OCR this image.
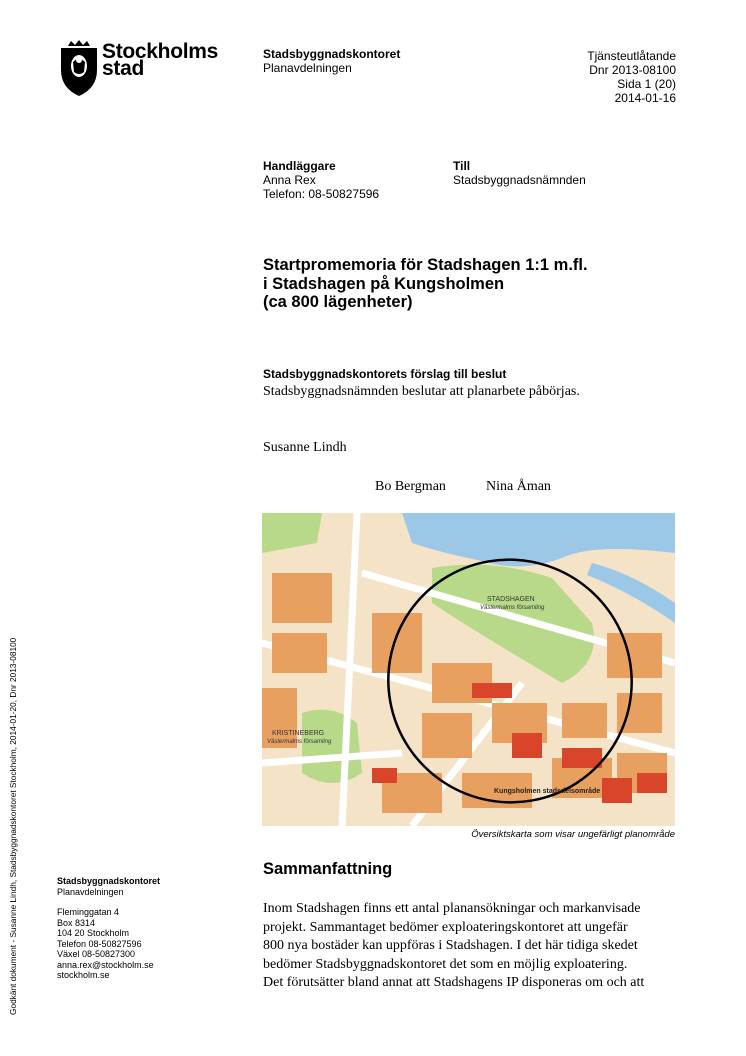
Stockholms
stad
Stadsbyggnadskontoret
Planavdelningen
Tjänsteutlåtande
Dnr 2013-08100
Sida 1 (20)
2014-01-16
Handläggare
Anna Rex
Telefon: 08-50827596
Till
Stadsbyggnadsnämnden
Startpromemoria för Stadshagen 1:1 m.fl.
i Stadshagen på Kungsholmen
(ca 800 lägenheter)
Stadsbyggnadskontorets förslag till beslut
Stadsbyggnadsnämnden beslutar att planarbete påbörjas.
Susanne Lindh
Bo Bergman	Nina Åman
STADSHAGEN
Västermalms församling
KRISTINEBERG
Västermalms församling
Kungsholmen stadsdelsområde
Översiktskarta som visar ungefärligt planområde
Sammanfattning
Inom Stadshagen finns ett antal planansökningar och markanvisade
projekt. Sammantaget bedömer exploateringskontoret att ungefär
800 nya bostäder kan uppföras i Stadshagen. I det här tidiga skedet
bedömer Stadsbyggnadskontoret det som en möjlig exploatering.
Det förutsätter bland annat att Stadshagens IP disponeras om och att
Stadsbyggnadskontoret
Planavdelningen
Fleminggatan 4
Box 8314
104 20 Stockholm
Telefon 08-50827596
Växel 08-50827300
anna.rex@stockholm.se
stockholm.se
Godkänt dokument - Susanne Lindh, Stadsbyggnadskontoret Stockholm, 2014-01-20, Dnr 2013-08100
